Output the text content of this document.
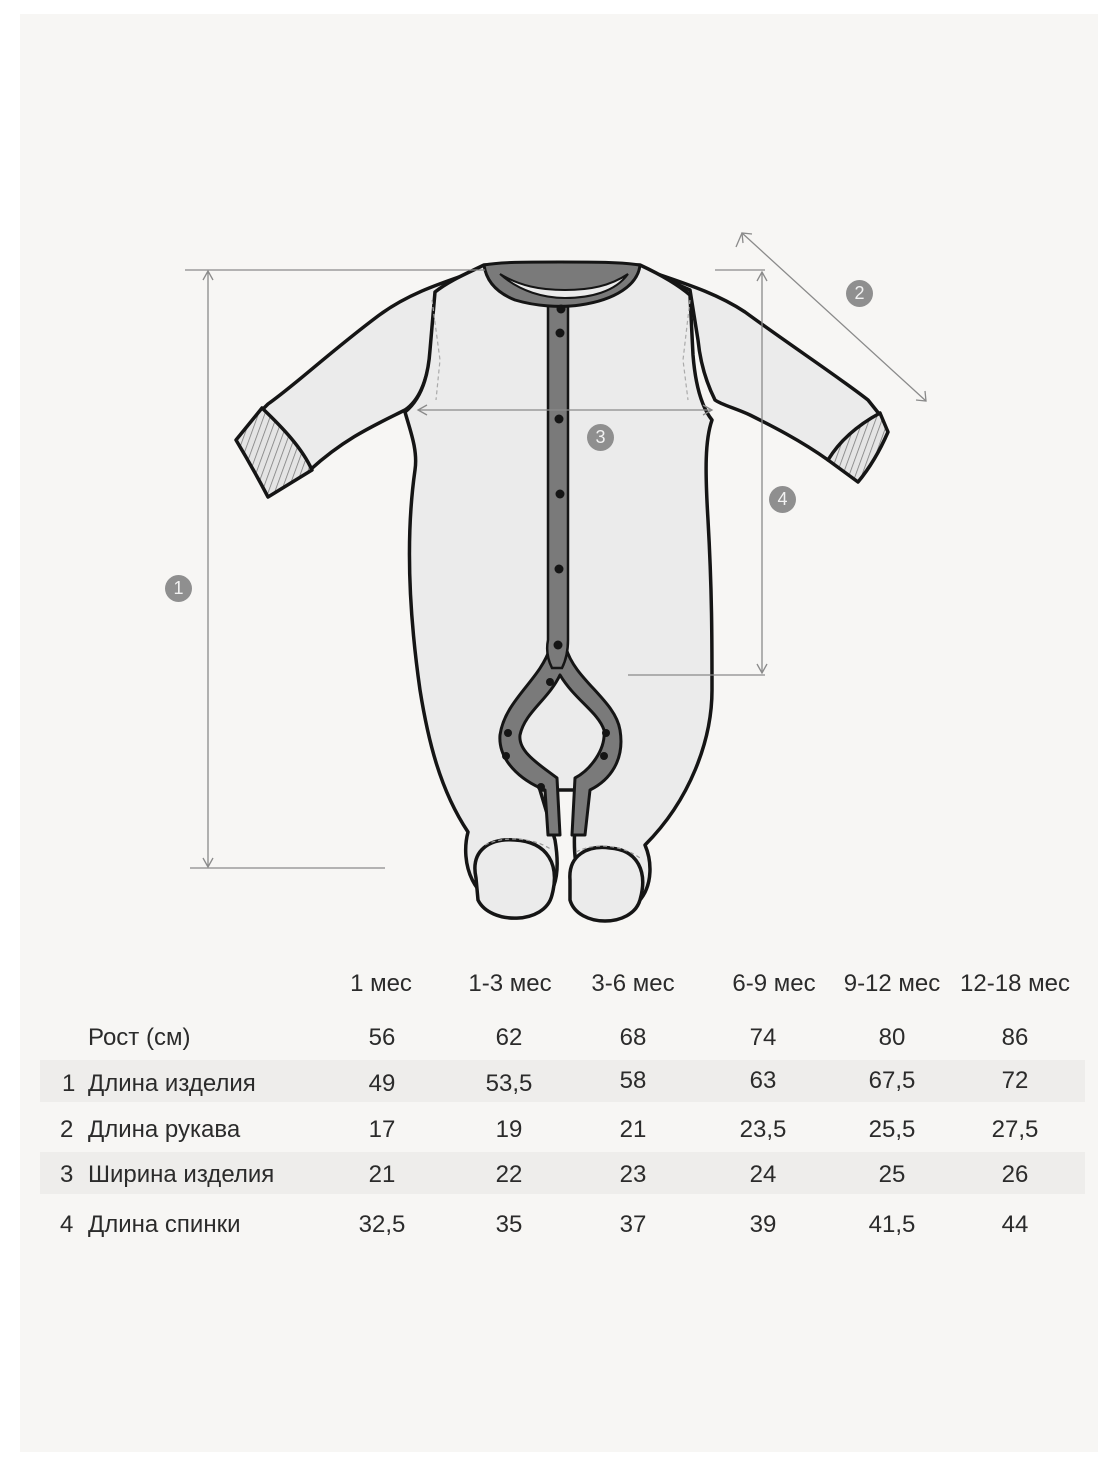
1
2
3
4
1 мес 1-3 мес 3-6 мес 6-9 мес 9-12 мес 12-18 мес
Рост (см)	56	62	68	74	80	86
1 Длина изделия	49	53,5	58	63	67,5	72
2 Длина рукава	17	19	21	23,5	25,5	27,5
3 Ширина изделия	21	22	23	24	25	26
4 Длина спинки	32,5	35	37	39	41,5	44
